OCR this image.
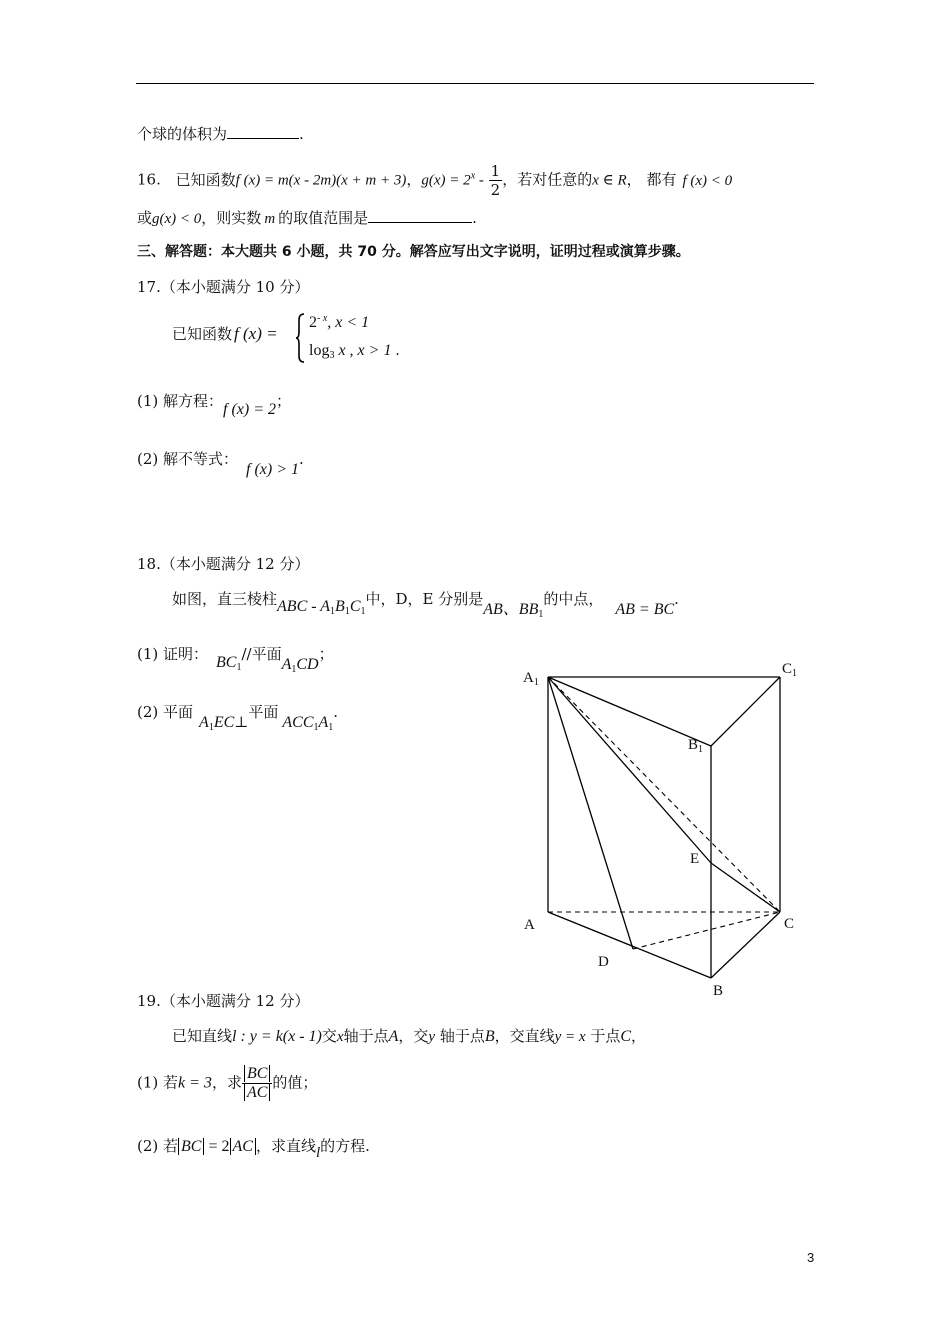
个球的体积为	.
16. 已知函数f (x) = m(x - 2m)(x + m + 3)，$g(x) = 2^x - \frac{1}{2}$ ，若对任意的x ∈ R， 都有 f (x) < 0
或g(x) < 0，则实数 m 的取值范围是	.
三、解答题：本大题共 6 小题，共 70 分。解答应写出文字说明，证明过程或演算步骤。
17.（本小题满分 10 分）
已知函数 f (x) =
$2^{- x}$, x < 1
$\log_3 x$ , x > 1 .
(1) 解方程：f (x) = 2；
(2) 解不等式：f (x) > 1.
18.（本小题满分 12 分）
如图，直三棱柱ABC - $A_1B_1C_1$中，D，E 分别是AB、$BB_1$的中点，AB = BC.
(1) 证明： $BC_1//$平面$A_1CD$；
(2) 平面$A_1EC\perp$平面$ACC_1A_1$.
$A_1$
$C_1$
$B_1$
E
A	C
D
B
19.（本小题满分 12 分）
已知直线l : y = k(x - 1)交x轴于点A，交y 轴于点B，交直线y = x 于点C，
(1) 若k = 3，求 $\frac{BC}{AC}$ 的值；
(2) 若 BC = 2 AC ，求直线l的方程.
3
